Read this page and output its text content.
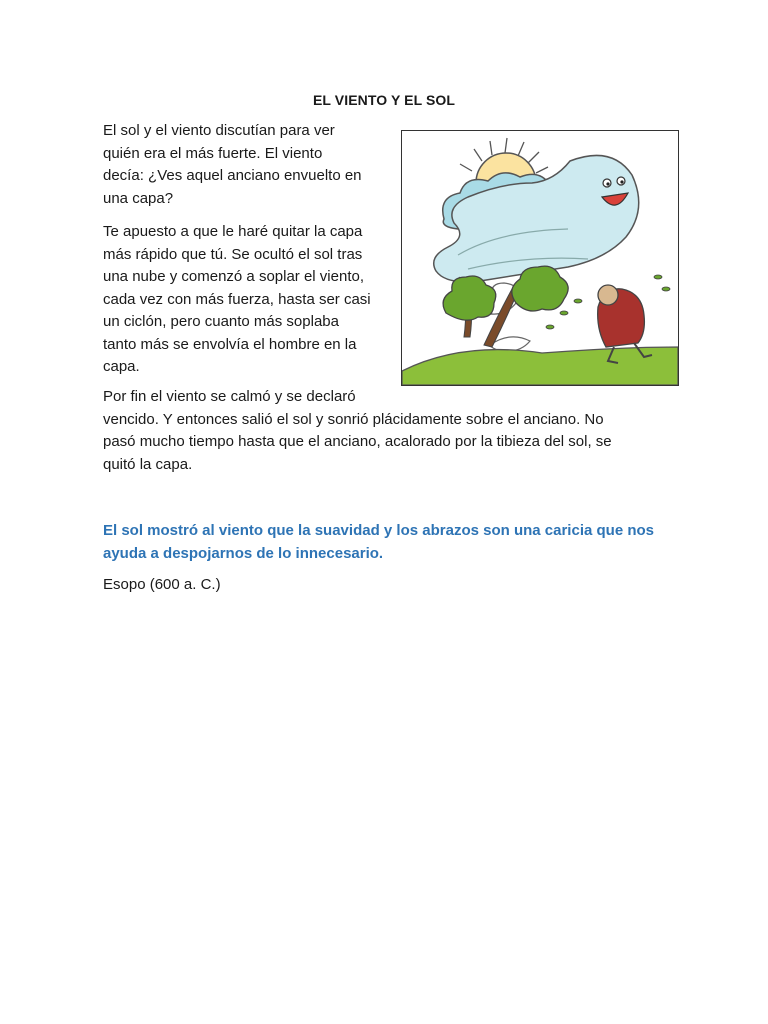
EL VIENTO Y EL SOL

El sol y el viento discutían para ver
quién era el más fuerte. El viento
decía: ¿Ves aquel anciano envuelto en
una capa?

Te apuesto a que le haré quitar la capa
más rápido que tú. Se ocultó el sol tras
una nube y comenzó a soplar el viento,
cada vez con más fuerza, hasta ser casi
un ciclón, pero cuanto más soplaba
tanto más se envolvía el hombre en la
capa.

Por fin el viento se calmó y se declaró
vencido. Y entonces salió el sol y sonrió plácidamente sobre el anciano. No
pasó mucho tiempo hasta que el anciano, acalorado por la tibieza del sol, se
quitó la capa.

El sol mostró al viento que la suavidad y los abrazos son una caricia que nos
ayuda a despojarnos de lo innecesario.

Esopo (600 a. C.)
